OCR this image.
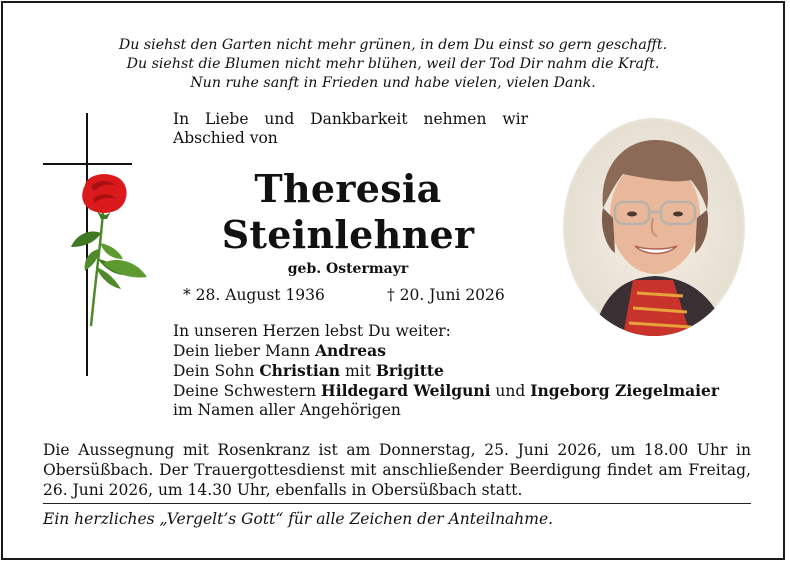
Du siehst den Garten nicht mehr grünen, in dem Du einst so gern geschafft.
Du siehst die Blumen nicht mehr blühen, weil der Tod Dir nahm die Kraft.
Nun ruhe sanft in Frieden und habe vielen, vielen Dank.
In Liebe und Dankbarkeit nehmen wir Abschied von
Theresia
Steinlehner
geb. Ostermayr
* 28. August 1936	† 20. Juni 2026
In unseren Herzen lebst Du weiter:
Dein lieber Mann Andreas
Dein Sohn Christian mit Brigitte
Deine Schwestern Hildegard Weilguni und Ingeborg Ziegelmaier
im Namen aller Angehörigen
Die Aussegnung mit Rosenkranz ist am Donnerstag, 25. Juni 2026, um 18.00 Uhr in Obersüßbach. Der Trauergottesdienst mit anschließender Beerdigung findet am Freitag, 26. Juni 2026, um 14.30 Uhr, ebenfalls in Obersüßbach statt.
Ein herzliches „Vergelt’s Gott“ für alle Zeichen der Anteilnahme.
